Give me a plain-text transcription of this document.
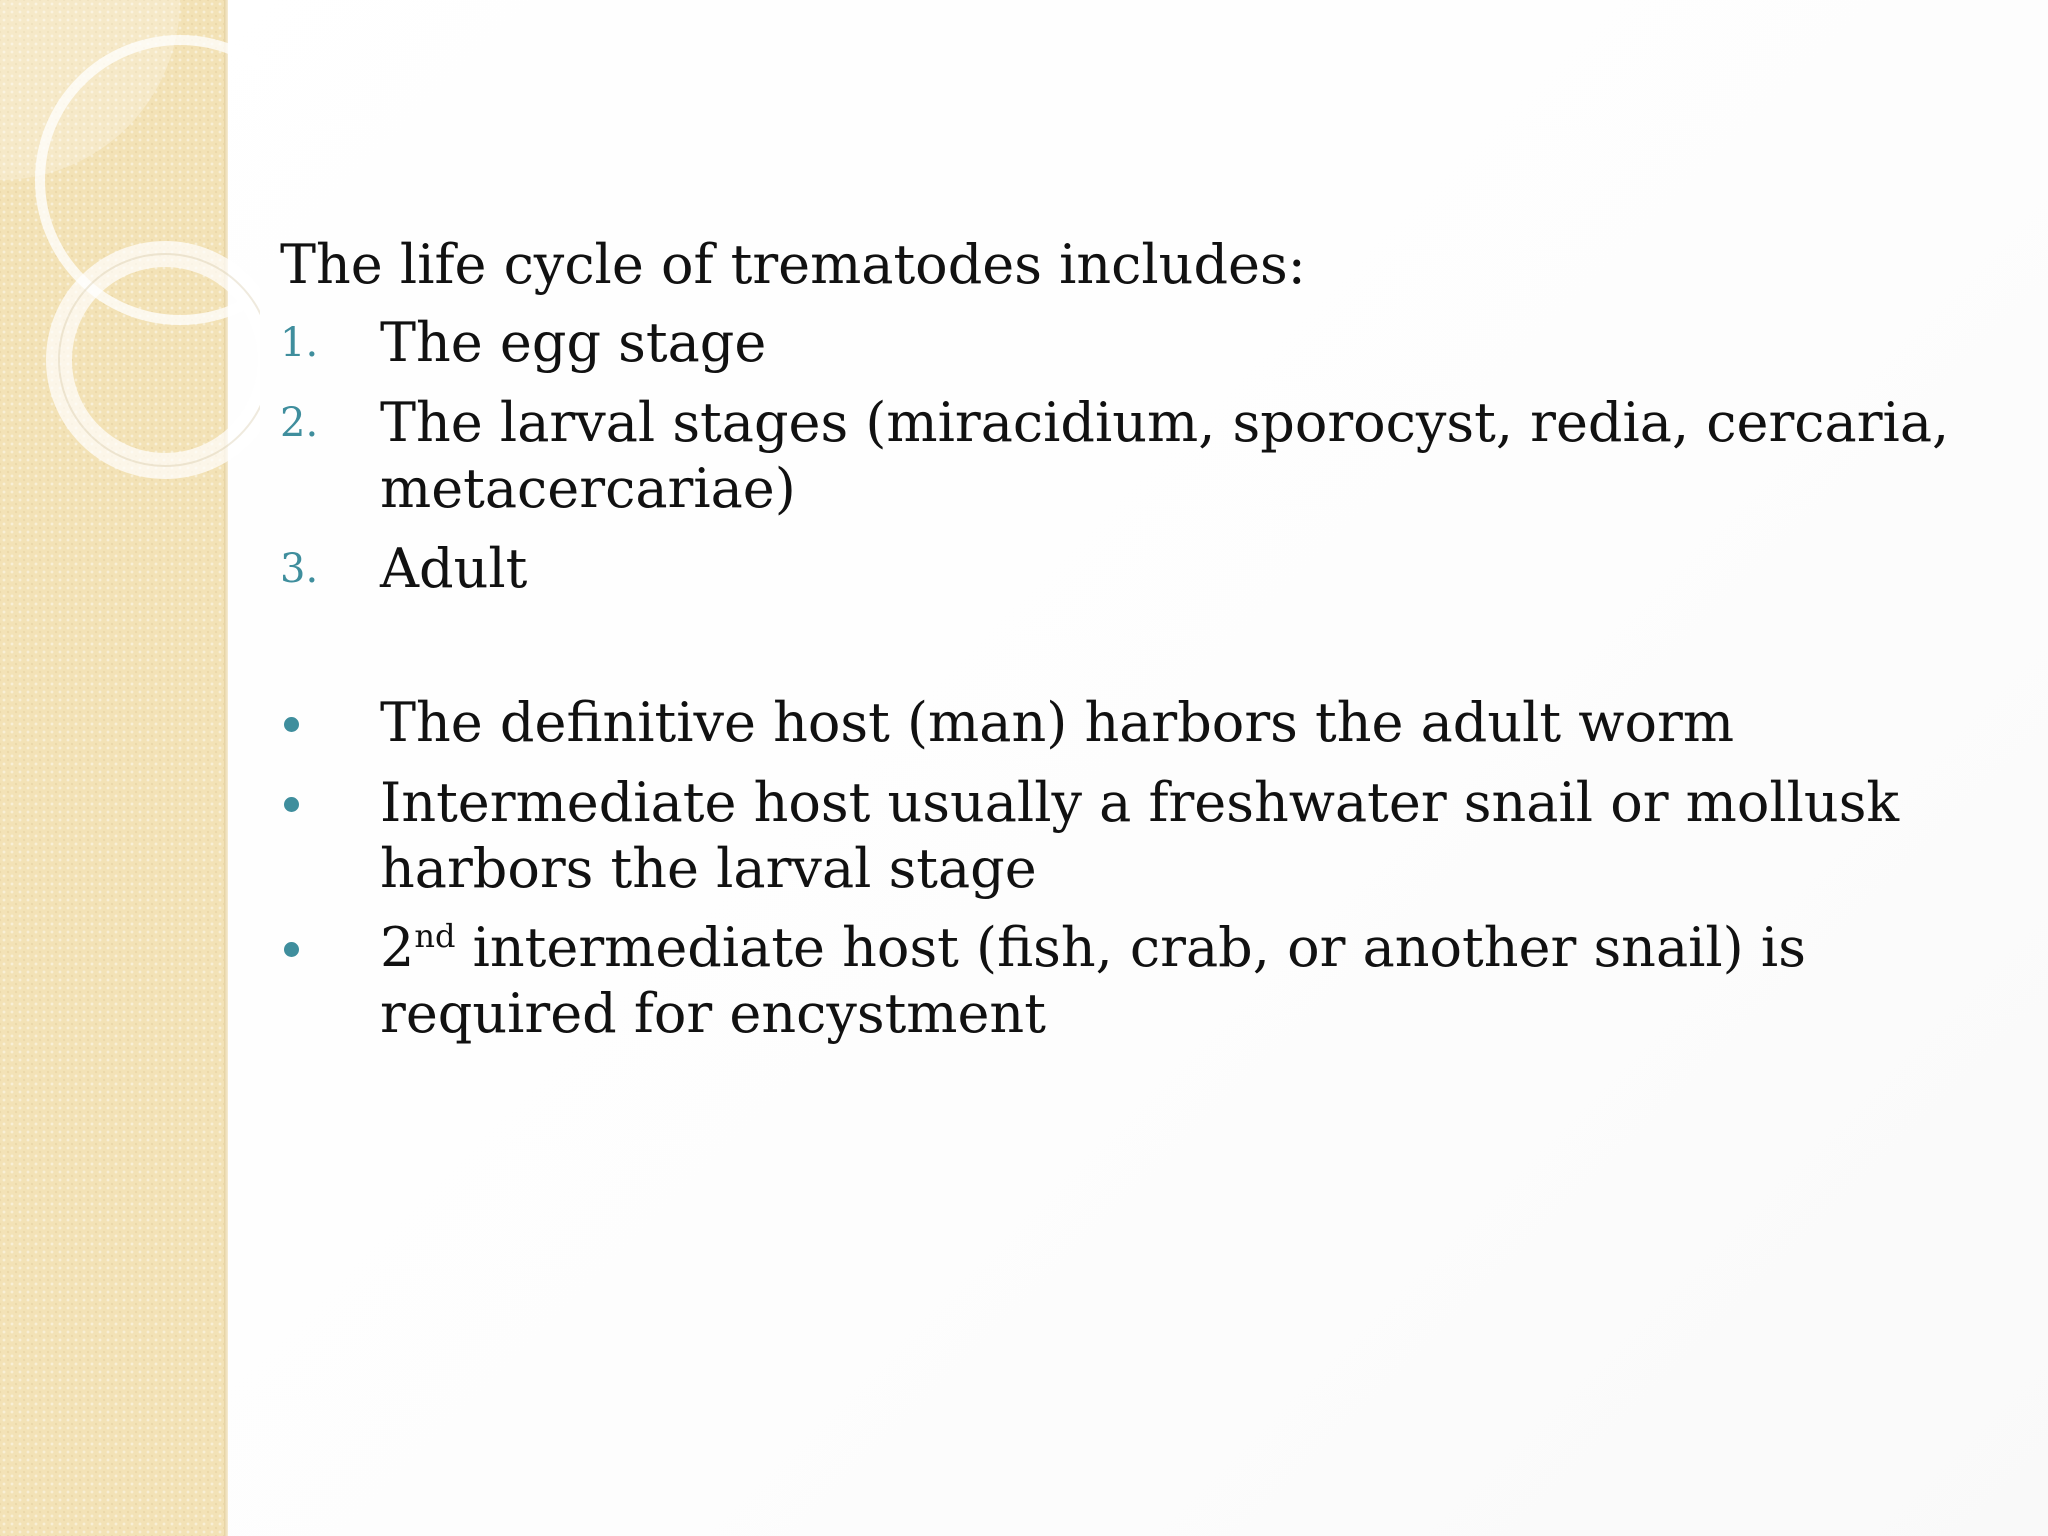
The life cycle of trematodes includes:
1.	The egg stage
2.	The larval stages (miracidium, sporocyst, redia, cercaria, metacercariae)
3.	Adult
The definitive host (man) harbors the adult worm
Intermediate host usually a freshwater snail or mollusk harbors the larval stage
2nd intermediate host (fish, crab, or another snail) is required for encystment
